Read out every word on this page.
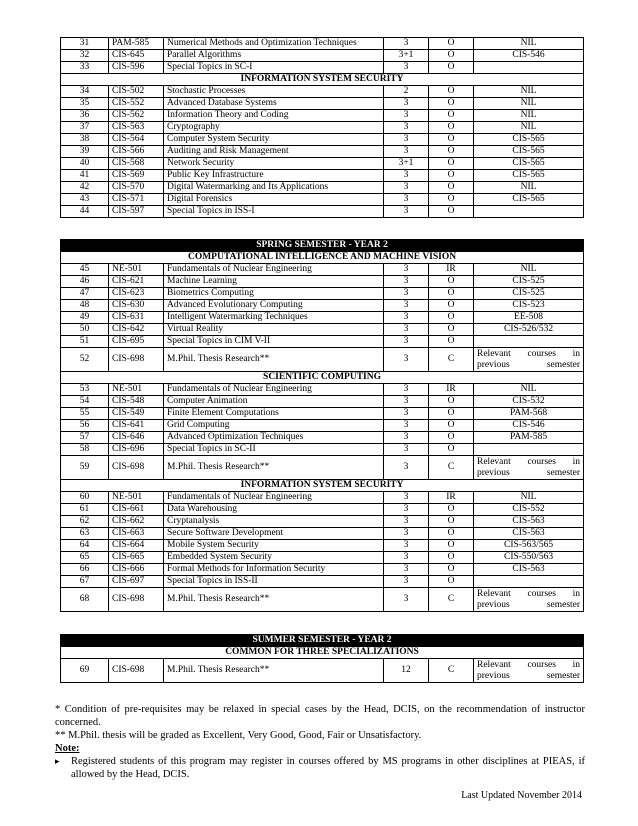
31	PAM-585	Numerical Methods and Optimization Techniques	3	O	NIL
32	CIS-645	Parallel Algorithms	3+1	O	CIS-546
33	CIS-596	Special Topics in SC-I	3	O	
INFORMATION SYSTEM SECURITY					
34	CIS-502	Stochastic Processes	2	O	NIL
35	CIS-552	Advanced Database Systems	3	O	NIL
36	CIS-562	Information Theory and Coding	3	O	NIL
37	CIS-563	Cryptography	3	O	NIL
38	CIS-564	Computer System Security	3	O	CIS-565
39	CIS-566	Auditing and Risk Management	3	O	CIS-565
40	CIS-568	Network Security	3+1	O	CIS-565
41	CIS-569	Public Key Infrastructure	3	O	CIS-565
42	CIS-570	Digital Watermarking and Its Applications	3	O	NIL
43	CIS-571	Digital Forensics	3	O	CIS-565
44	CIS-597	Special Topics in ISS-I	3	O	
SPRING SEMESTER - YEAR 2					
COMPUTATIONAL INTELLIGENCE AND MACHINE VISION					
45	NE-501	Fundamentals of Nuclear Engineering	3	IR	NIL
46	CIS-621	Machine Learning	3	O	CIS-525
47	CIS-623	Biometrics Computing	3	O	CIS-525
48	CIS-630	Advanced Evolutionary Computing	3	O	CIS-523
49	CIS-631	Intelligent Watermarking Techniques	3	O	EE-508
50	CIS-642	Virtual Reality	3	O	CIS-526/532
51	CIS-695	Special Topics in CIM V-II	3	O	
52	CIS-698	M.Phil. Thesis Research**	3	C	Relevant courses in previous semester
SCIENTIFIC COMPUTING					
53	NE-501	Fundamentals of Nuclear Engineering	3	IR	NIL
54	CIS-548	Computer Animation	3	O	CIS-532
55	CIS-549	Finite Element Computations	3	O	PAM-568
56	CIS-641	Grid Computing	3	O	CIS-546
57	CIS-646	Advanced Optimization Techniques	3	O	PAM-585
58	CIS-696	Special Topics in SC-II	3	O	
59	CIS-698	M.Phil. Thesis Research**	3	C	Relevant courses in previous semester
INFORMATION SYSTEM SECURITY					
60	NE-501	Fundamentals of Nuclear Engineering	3	IR	NIL
61	CIS-661	Data Warehousing	3	O	CIS-552
62	CIS-662	Cryptanalysis	3	O	CIS-563
63	CIS-663	Secure Software Development	3	O	CIS-563
64	CIS-664	Mobile System Security	3	O	CIS-563/565
65	CIS-665	Embedded System Security	3	O	CIS-550/563
66	CIS-666	Formal Methods for Information Security	3	O	CIS-563
67	CIS-697	Special Topics in ISS-II	3	O	
68	CIS-698	M.Phil. Thesis Research**	3	C	Relevant courses in previous semester
SUMMER SEMESTER - YEAR 2
COMMON FOR THREE SPECIALIZATIONS
69	CIS-698	M.Phil. Thesis Research**	12	C	Relevant courses in previous semester

* Condition of pre-requisites may be relaxed in special cases by the Head, DCIS, on the recommendation of instructor concerned.

** M.Phil. thesis will be graded as Excellent, Very Good, Good, Fair or Unsatisfactory.

Note:

▸	Registered students of this program may register in courses offered by MS programs in other disciplines at PIEAS, if allowed by the Head, DCIS.

Last Updated November 2014
